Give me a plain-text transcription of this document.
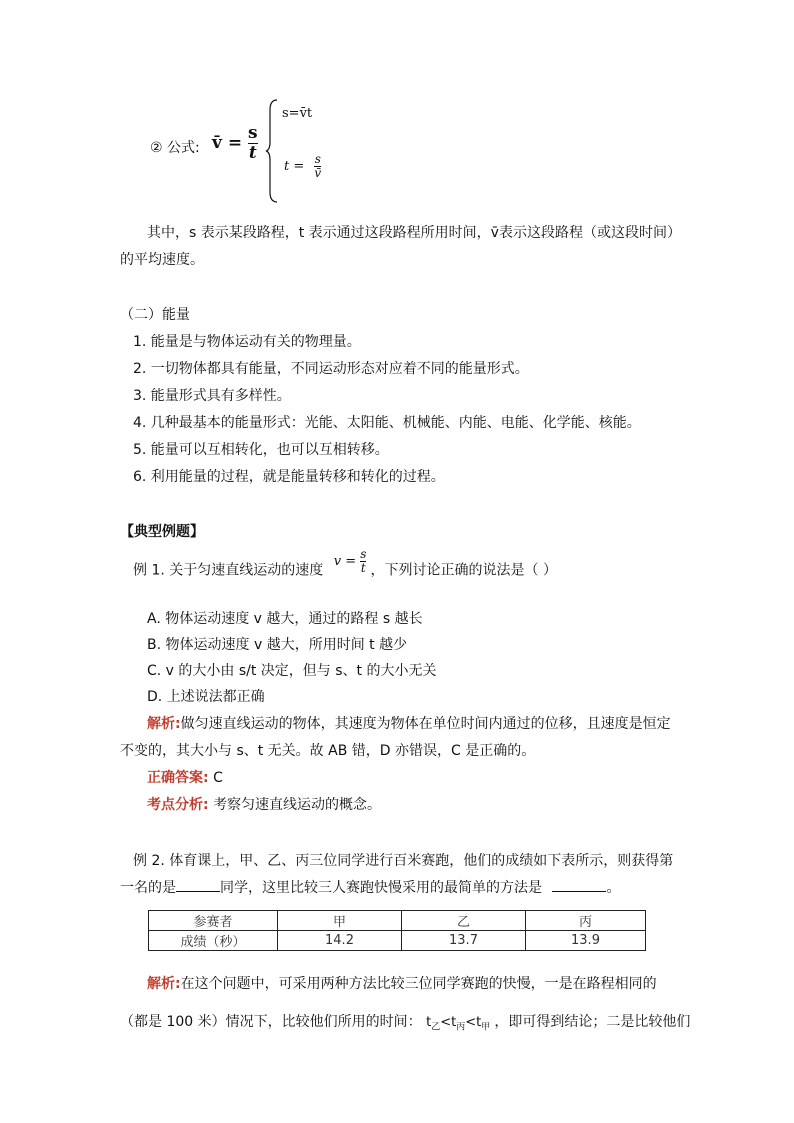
② 公式: v̄ = $\frac{s}{t}$
s=v̄t
$t = \frac{s}{v̄}$
其中，s 表示某段路程，t 表示通过这段路程所用时间，v̄表示这段路程（或这段时间）
的平均速度。
（二）能量
1. 能量是与物体运动有关的物理量。
2. 一切物体都具有能量，不同运动形态对应着不同的能量形式。
3. 能量形式具有多样性。
4. 几种最基本的能量形式：光能、太阳能、机械能、内能、电能、化学能、核能。
5. 能量可以互相转化，也可以互相转移。
6. 利用能量的过程，就是能量转移和转化的过程。
【典型例题】
例 1. 关于匀速直线运动的速度 $v = \frac{s}{t}$ ，下列讨论正确的说法是（ ）
A. 物体运动速度 v 越大，通过的路程 s 越长
B. 物体运动速度 v 越大，所用时间 t 越少
C. v 的大小由 s/t 决定，但与 s、t 的大小无关
D. 上述说法都正确
解析:做匀速直线运动的物体，其速度为物体在单位时间内通过的位移，且速度是恒定
不变的，其大小与 s、t 无关。故 AB 错，D 亦错误，C 是正确的。
正确答案: C
考点分析: 考察匀速直线运动的概念。
例 2. 体育课上，甲、乙、丙三位同学进行百米赛跑，他们的成绩如下表所示，则获得第
一名的是	同学，这里比较三人赛跑快慢采用的最简单的方法是	。
参赛者	甲	乙	丙
成绩（秒）	14.2	13.7	13.9
解析:在这个问题中，可采用两种方法比较三位同学赛跑的快慢，一是在路程相同的
（都是 100 米）情况下，比较他们所用的时间： $t_乙<t_丙<t_甲$ ，即可得到结论；二是比较他们
